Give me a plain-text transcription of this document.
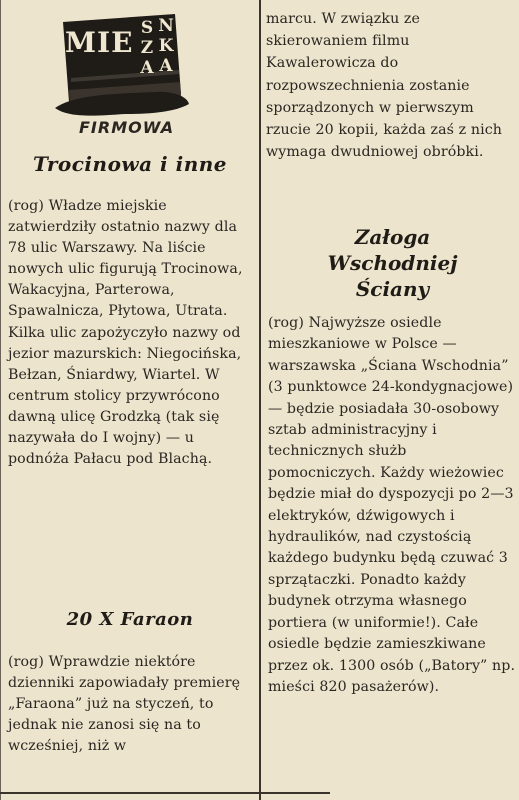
MIE SZA NKA
FIRMOWA
Trocinowa i inne

(rog) Władze miejskie zatwierdziły ostatnio nazwy dla 78 ulic Warszawy. Na liście nowych ulic figurują Trocinowa, Wakacyjna, Parterowa, Spawalnicza, Płytowa, Utrata. Kilka ulic zapożyczyło nazwy od jezior mazurskich: Niegocińska, Bełzan, Śniardwy, Wiartel. W centrum stolicy przywrócono dawną ulicę Grodzką (tak się nazywała do I wojny) — u podnóża Pałacu pod Blachą.

20 X Faraon

(rog) Wprawdzie niektóre dzienniki zapowiadały premierę „Faraona” już na styczeń, to jednak nie zanosi się na to wcześniej, niż w

marcu. W związku ze skierowaniem filmu Kawalerowicza do rozpowszechnienia zostanie sporządzonych w pierwszym rzucie 20 kopii, każda zaś z nich wymaga dwudniowej obróbki.

Załoga
Wschodniej
Ściany

(rog) Najwyższe osiedle mieszkaniowe w Polsce — warszawska „Ściana Wschodnia” (3 punktowce 24-kondygnacjowe) — będzie posiadała 30-osobowy sztab administracyjny i technicznych służb pomocniczych. Każdy wieżowiec będzie miał do dyspozycji po 2—3 elektryków, dźwigowych i hydraulików, nad czystością każdego budynku będą czuwać 3 sprzątaczki. Ponadto każdy budynek otrzyma własnego portiera (w uniformie!). Całe osiedle będzie zamieszkiwane przez ok. 1300 osób („Batory” np. mieści 820 pasażerów).
